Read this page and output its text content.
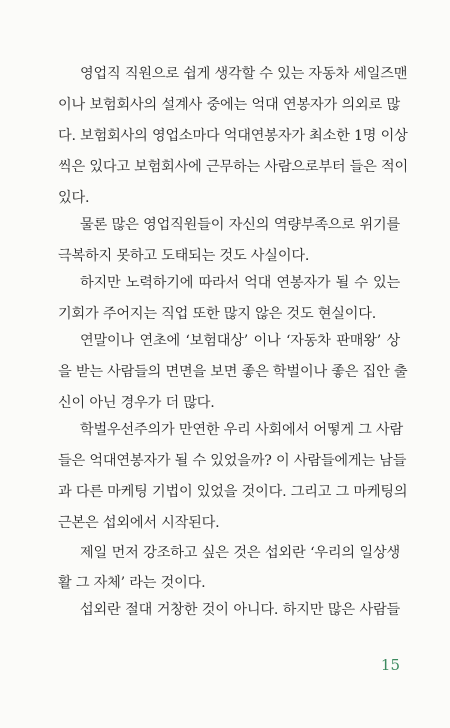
영업직 직원으로 쉽게 생각할 수 있는 자동차 세일즈맨
이나 보험회사의 설계사 중에는 억대 연봉자가 의외로 많
다. 보험회사의 영업소마다 억대연봉자가 최소한 1명 이상
씩은 있다고 보험회사에 근무하는 사람으로부터 들은 적이
있다.
물론 많은 영업직원들이 자신의 역량부족으로 위기를
극복하지 못하고 도태되는 것도 사실이다.
하지만 노력하기에 따라서 억대 연봉자가 될 수 있는
기회가 주어지는 직업 또한 많지 않은 것도 현실이다.
연말이나 연초에 ‘보험대상’ 이나 ‘자동차 판매왕’ 상
을 받는 사람들의 면면을 보면 좋은 학벌이나 좋은 집안 출
신이 아닌 경우가 더 많다.
학벌우선주의가 만연한 우리 사회에서 어떻게 그 사람
들은 억대연봉자가 될 수 있었을까? 이 사람들에게는 남들
과 다른 마케팅 기법이 있었을 것이다. 그리고 그 마케팅의
근본은 섭외에서 시작된다.
제일 먼저 강조하고 싶은 것은 섭외란 ‘우리의 일상생
활 그 자체’ 라는 것이다.
섭외란 절대 거창한 것이 아니다. 하지만 많은 사람들
15
